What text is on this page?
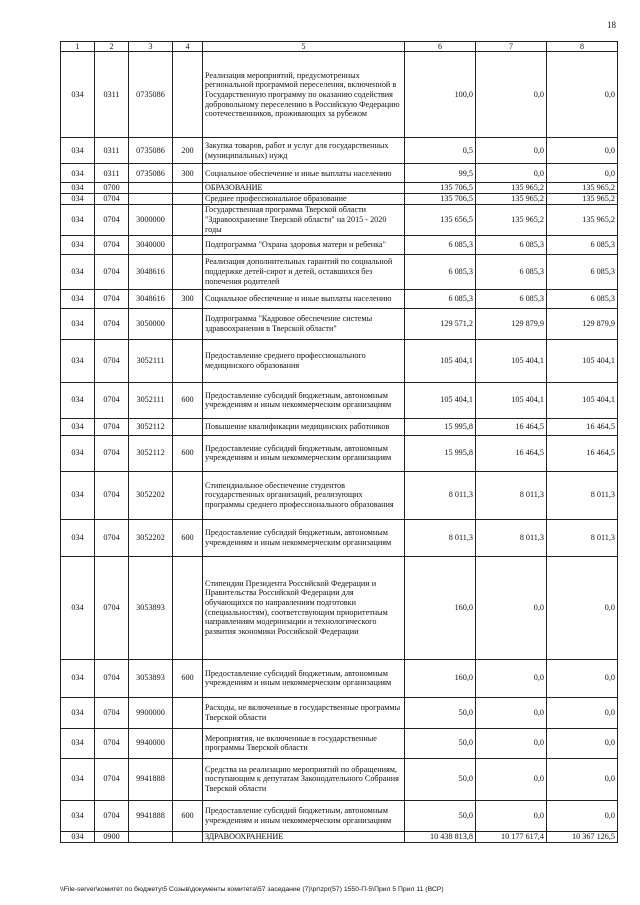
18
1	2	3	4	5	6	7	8
034	0311	0735086		Реализация мероприятий, предусмотренных региональной программой переселения, включенной в Государственную программу по оказанию содействия добровольному переселению в Российскую Федерацию соотечественников, проживающих за рубежом	100,0	0,0	0,0
034	0311	0735086	200	Закупка товаров, работ и услуг для государственных (муниципальных) нужд	0,5	0,0	0,0
034	0311	0735086	300	Социальное обеспечение и иные выплаты населению	99,5	0,0	0,0
034	0700			ОБРАЗОВАНИЕ	135 706,5	135 965,2	135 965,2
034	0704			Среднее профессиональное образование	135 706,5	135 965,2	135 965,2
034	0704	3000000		Государственная программа Тверской области "Здравоохранение Тверской области" на 2015 - 2020 годы	135 656,5	135 965,2	135 965,2
034	0704	3040000		Подпрограмма "Охрана здоровья матери и ребенка"	6 085,3	6 085,3	6 085,3
034	0704	3048616		Реализация дополнительных гарантий по социальной поддержке детей-сирот и детей, оставшихся без попечения родителей	6 085,3	6 085,3	6 085,3
034	0704	3048616	300	Социальное обеспечение и иные выплаты населению	6 085,3	6 085,3	6 085,3
034	0704	3050000		Подпрограмма "Кадровое обеспечение системы здравоохранения в Тверской области"	129 571,2	129 879,9	129 879,9
034	0704	3052111		Предоставление среднего профессионального медицинского образования	105 404,1	105 404,1	105 404,1
034	0704	3052111	600	Предоставление субсидий бюджетным, автономным учреждениям и иным некоммерческим организациям	105 404,1	105 404,1	105 404,1
034	0704	3052112		Повышение квалификации медицинских работников	15 995,8	16 464,5	16 464,5
034	0704	3052112	600	Предоставление субсидий бюджетным, автономным учреждениям и иным некоммерческим организациям	15 995,8	16 464,5	16 464,5
034	0704	3052202		Стипендиальное обеспечение студентов государственных организаций, реализующих программы среднего профессионального образования	8 011,3	8 011,3	8 011,3
034	0704	3052202	600	Предоставление субсидий бюджетным, автономным учреждениям и иным некоммерческим организациям	8 011,3	8 011,3	8 011,3
034	0704	3053893		Стипендии Президента Российской Федерации и Правительства Российской Федерации для обучающихся по направлениям подготовки (специальностям), соответствующим приоритетным направлениям модернизации и технологического развития экономики Российской Федерации	160,0	0,0	0,0
034	0704	3053893	600	Предоставление субсидий бюджетным, автономным учреждениям и иным некоммерческим организациям	160,0	0,0	0,0
034	0704	9900000		Расходы, не включенные в государственные программы Тверской области	50,0	0,0	0,0
034	0704	9940000		Мероприятия, не включенные в государственные программы Тверской области	50,0	0,0	0,0
034	0704	9941888		Средства на реализацию мероприятий по обращениям, поступающим к депутатам Законодательного Собрания Тверской области	50,0	0,0	0,0
034	0704	9941888	600	Предоставление субсидий бюджетным, автономным учреждениям и иным некоммерческим организациям	50,0	0,0	0,0
034	0900			ЗДРАВООХРАНЕНИЕ	10 438 813,8	10 177 617,4	10 367 126,5
\\File-server\комитет по бюджету\5 Созыв\документы комитета\57 заседание (7)\pr\zpr(57) 1550-П-5\Прил 5 Прил 11 (ВСР)
